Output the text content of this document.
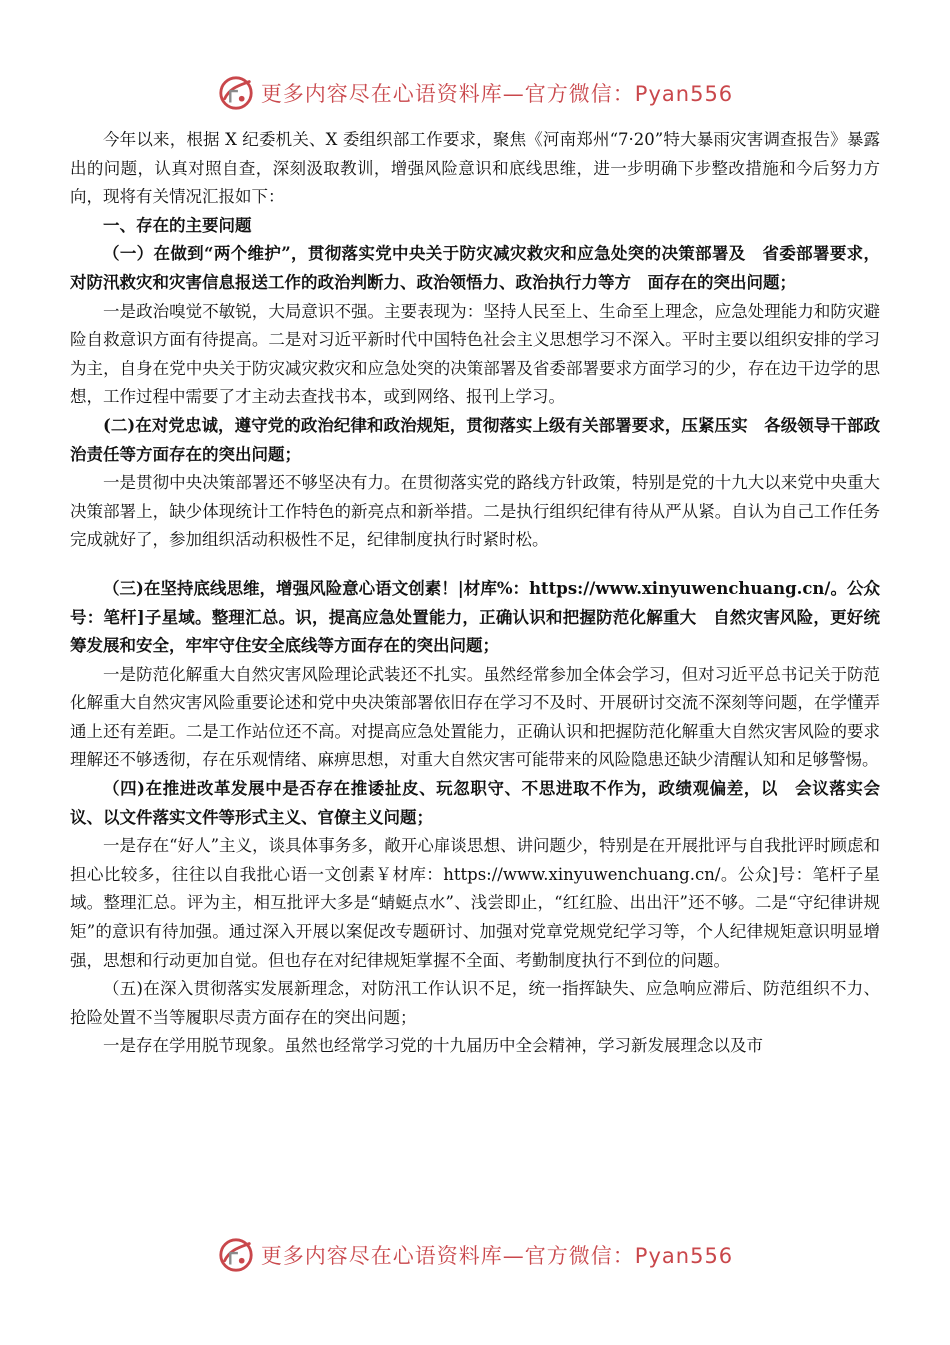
更多内容尽在心语资料库—官方微信：Pyan556

今年以来，根据 X 纪委机关、X 委组织部工作要求，聚焦《河南郑州“7·20”特大暴雨灾害调查报告》暴露出的问题，认真对照自查，深刻汲取教训，增强风险意识和底线思维，进一步明确下步整改措施和今后努力方向，现将有关情况汇报如下：

一、存在的主要问题

（一）在做到“两个维护”，贯彻落实党中央关于防灾减灾救灾和应急处突的决策部署及　省委部署要求，对防汛救灾和灾害信息报送工作的政治判断力、政治领悟力、政治执行力等方　面存在的突出问题；

一是政治嗅觉不敏锐，大局意识不强。主要表现为：坚持人民至上、生命至上理念，应急处理能力和防灾避险自救意识方面有待提高。二是对习近平新时代中国特色社会主义思想学习不深入。平时主要以组织安排的学习为主，自身在党中央关于防灾减灾救灾和应急处突的决策部署及省委部署要求方面学习的少，存在边干边学的思想，工作过程中需要了才主动去查找书本，或到网络、报刊上学习。

(二)在对党忠诚，遵守党的政治纪律和政治规矩，贯彻落实上级有关部署要求，压紧压实　各级领导干部政治责任等方面存在的突出问题；

一是贯彻中央决策部署还不够坚决有力。在贯彻落实党的路线方针政策，特别是党的十九大以来党中央重大决策部署上，缺少体现统计工作特色的新亮点和新举措。二是执行组织纪律有待从严从紧。自认为自己工作任务完成就好了，参加组织活动积极性不足，纪律制度执行时紧时松。

（三)在坚持底线思维，增强风险意心语文创素！|材库%：https://www.xinyuwenchuang.cn/。公众号：笔杆]子星域。整理汇总。识，提高应急处置能力，正确认识和把握防范化解重大　自然灾害风险，更好统筹发展和安全，牢牢守住安全底线等方面存在的突出问题；

一是防范化解重大自然灾害风险理论武装还不扎实。虽然经常参加全体会学习，但对习近平总书记关于防范化解重大自然灾害风险重要论述和党中央决策部署依旧存在学习不及时、开展研讨交流不深刻等问题，在学懂弄通上还有差距。二是工作站位还不高。对提高应急处置能力，正确认识和把握防范化解重大自然灾害风险的要求理解还不够透彻，存在乐观情绪、麻痹思想，对重大自然灾害可能带来的风险隐患还缺少清醒认知和足够警惕。

（四)在推进改革发展中是否存在推诿扯皮、玩忽职守、不思进取不作为，政绩观偏差，以　会议落实会议、以文件落实文件等形式主义、官僚主义问题；

一是存在“好人”主义，谈具体事务多，敞开心扉谈思想、讲问题少，特别是在开展批评与自我批评时顾虑和担心比较多，往往以自我批心语一文创素￥材库：https://www.xinyuwenchuang.cn/。公众]号：笔杆子星域。整理汇总。评为主，相互批评大多是“蜻蜓点水”、浅尝即止，“红红脸、出出汗”还不够。二是“守纪律讲规矩”的意识有待加强。通过深入开展以案促改专题研讨、加强对党章党规党纪学习等，个人纪律规矩意识明显增强，思想和行动更加自觉。但也存在对纪律规矩掌握不全面、考勤制度执行不到位的问题。

（五)在深入贯彻落实发展新理念，对防汛工作认识不足，统一指挥缺失、应急响应滞后、防范组织不力、抢险处置不当等履职尽责方面存在的突出问题；

一是存在学用脱节现象。虽然也经常学习党的十九届历中全会精神，学习新发展理念以及市

更多内容尽在心语资料库—官方微信：Pyan556
